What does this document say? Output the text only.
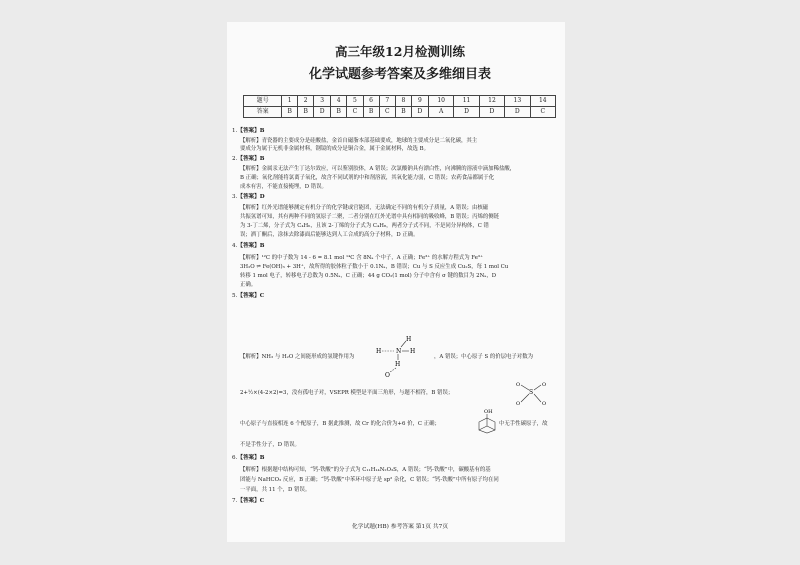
高三年级12月检测训练
化学试题参考答案及多维细目表
题号	1	2	3	4	5	6	7	8	9	10	11	12	13	14
答案	B	B	D	B	C	B	C	B	D	A	D	D	D	C
1.【答案】B
【解析】青瓷器的主要成分是硅酸盐，金首自磁脂本部基础要成，地球的主要成分是二氧化碳，其主
要成分为属于无机非金属材料，钢镜的成分是铜合金，属于金属材料，故选 B。
2.【答案】B
【解析】金属汞无法产生丁达尔效应，可以鉴别胶体，A 错误；次氯酸钠具有漂白性，向沸腾的溶液中滴加稀盐酸，
B 正确；氧化剂能将氯离子氧化，故含不同试剂的中和剂溶液，其氧化能力弱，C 错误；农药食品都属于化
成本有害，不能直接掩埋，D 错误。
3.【答案】D
【解析】红外光谱能够测定有机分子的化学键或官能团，无法确定不同的有机分子质量，A 错误；由核磁
共振氢谱可知，其有两种不同的氢原子二聚，二者分别在红外光谱中具有相同的吸收峰，B 错误；丙烯的侧链
为 3-丁二烯，分子式为 C₄H₆，且该 2-丁烯的分子式为 C₄H₈，两者分子式不同，不是同分异构体，C 错
误；洒丁酮后，涂抹去除漆面后能够达到人工合成的高分子材料，D 正确。
4.【答案】B
【解析】¹²C 的中子数为 14 - 6 = 8.1 mol ¹⁴C 含 8Nₐ 个中子，A 正确；Fe³⁺ 的水解方程式为 Fe³⁺
3H₂O ⇌ Fe(OH)₃ + 3H⁺，故所得的胶体粒子数小于 0.1Nₐ，B 错误；Cu 与 S 反应生成 Cu₂S，每 1 mol Cu
转移 1 mol 电子，转移电子总数为 0.5Nₐ，C 正确；44 g CO₂(1 mol) 分子中含有 σ 键的数目为 2Nₐ，D
正确。
5.【答案】C
【解析】NH₃ 与 H₂O 之间能形成的氢键作用为
H N
H
H
H
O
，A 错误；中心原子 S 的价层电子对数为
2+½×(4-2×2)=3，没有孤电子对，VSEPR 模型是平面三角形，与题不相符，B 错误；	S
O	O
O	O
中心原子与直接相连 6 个配原子，B 据此推测，故 Cr 的化合价为+6 价，C 正确；
OH
中无手性碳原子，故
不是手性分子，D 错误。
6.【答案】B
【解析】根据题中结构可知，“钙-铁酸”的分子式为 C₁₁H₁₄N₂O₃S，A 错误；“钙-铁酸”中，碳酸基有的基
团能与 NaHCO₃ 反应，B 正确；“钙-铁酸”中苯环中原子是 sp² 杂化，C 错误；“钙-铁酸”中所有原子均在同
一平面，共 11 个，D 错误。
7.【答案】C
化学试题(HB) 参考答案 第1页 共7页
